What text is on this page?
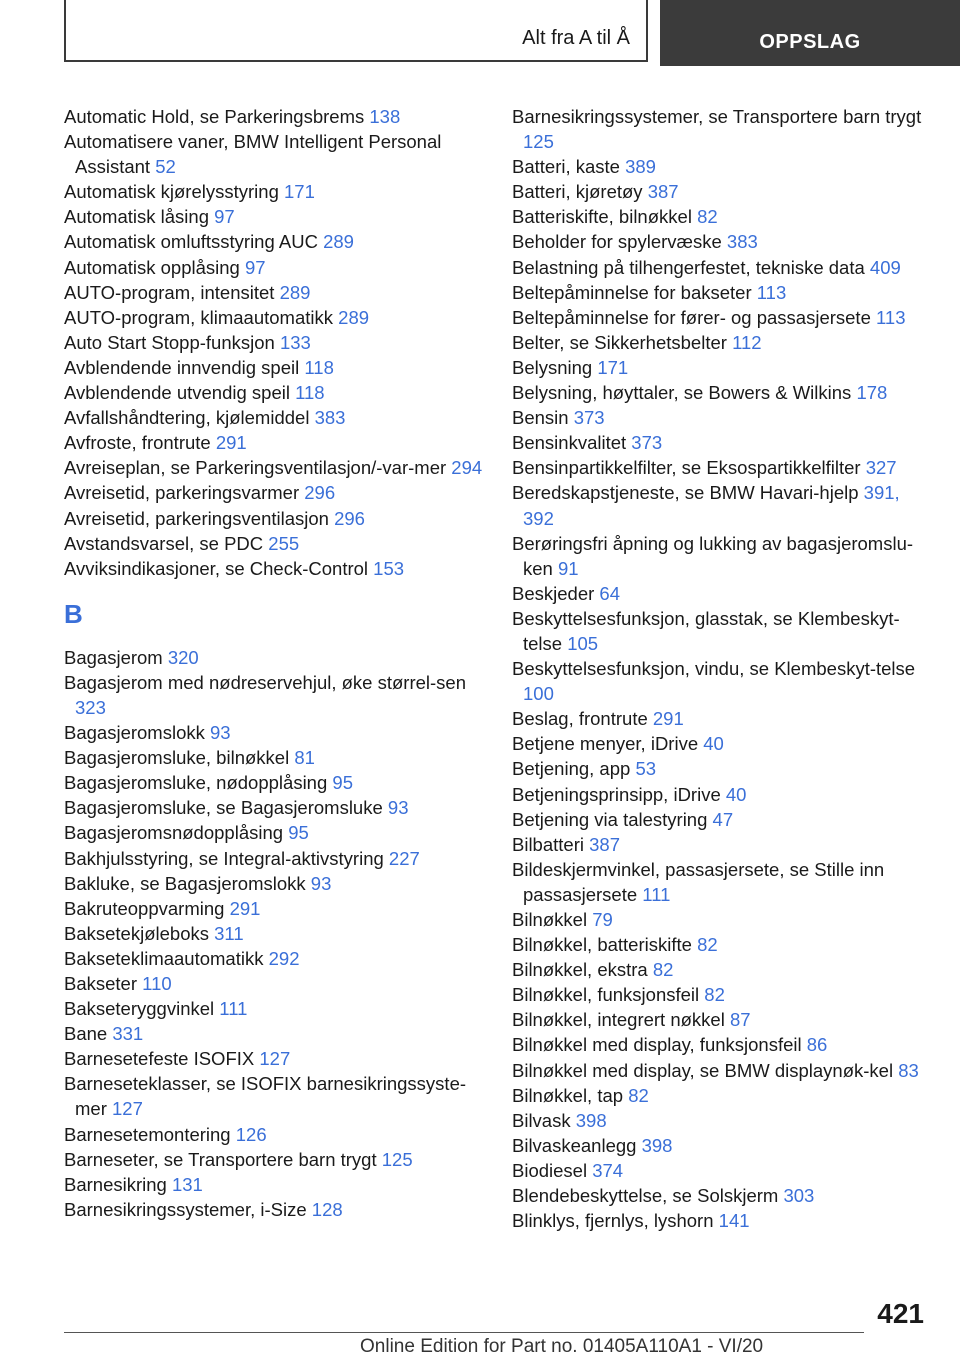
Alt fra A til Å	OPPSLAG
Automatic Hold, se Parkeringsbrems 138
Automatisere vaner, BMW Intelligent Personal Assistant 52
Automatisk kjørelysstyring 171
Automatisk låsing 97
Automatisk omluftsstyring AUC 289
Automatisk opplåsing 97
AUTO-program, intensitet 289
AUTO-program, klimaautomatikk 289
Auto Start Stopp-funksjon 133
Avblendende innvendig speil 118
Avblendende utvendig speil 118
Avfallshåndtering, kjølemiddel 383
Avfroste, frontrute 291
Avreiseplan, se Parkeringsventilasjon/-var-mer 294
Avreisetid, parkeringsvarmer 296
Avreisetid, parkeringsventilasjon 296
Avstandsvarsel, se PDC 255
Avviksindikasjoner, se Check-Control 153
B
Bagasjerom 320
Bagasjerom med nødreservehjul, øke størrel-sen 323
Bagasjeromslokk 93
Bagasjeromsluke, bilnøkkel 81
Bagasjeromsluke, nødopplåsing 95
Bagasjeromsluke, se Bagasjeromsluke 93
Bagasjeromsnødopplåsing 95
Bakhjulsstyring, se Integral-aktivstyring 227
Bakluke, se Bagasjeromslokk 93
Bakruteoppvarming 291
Baksetekjøleboks 311
Bakseteklimaautomatikk 292
Bakseter 110
Bakseteryggvinkel 111
Bane 331
Barnesetefeste ISOFIX 127
Barneseteklasser, se ISOFIX barnesikringssyste-mer 127
Barnesetemontering 126
Barneseter, se Transportere barn trygt 125
Barnesikring 131
Barnesikringssystemer, i-Size 128
Barnesikringssystemer, se Transportere barn trygt 125
Batteri, kaste 389
Batteri, kjøretøy 387
Batteriskifte, bilnøkkel 82
Beholder for spylervæske 383
Belastning på tilhengerfestet, tekniske data 409
Beltepåminnelse for bakseter 113
Beltepåminnelse for fører- og passasjersete 113
Belter, se Sikkerhetsbelter 112
Belysning 171
Belysning, høyttaler, se Bowers & Wilkins 178
Bensin 373
Bensinkvalitet 373
Bensinpartikkelfilter, se Eksospartikkelfilter 327
Beredskapstjeneste, se BMW Havari-hjelp 391, 392
Berøringsfri åpning og lukking av bagasjeromslu-ken 91
Beskjeder 64
Beskyttelsesfunksjon, glasstak, se Klembeskyt-telse 105
Beskyttelsesfunksjon, vindu, se Klembeskyt-telse 100
Beslag, frontrute 291
Betjene menyer, iDrive 40
Betjening, app 53
Betjeningsprinsipp, iDrive 40
Betjening via talestyring 47
Bilbatteri 387
Bildeskjermvinkel, passasjersete, se Stille inn passasjersete 111
Bilnøkkel 79
Bilnøkkel, batteriskifte 82
Bilnøkkel, ekstra 82
Bilnøkkel, funksjonsfeil 82
Bilnøkkel, integrert nøkkel 87
Bilnøkkel med display, funksjonsfeil 86
Bilnøkkel med display, se BMW displaynøk-kel 83
Bilnøkkel, tap 82
Bilvask 398
Bilvaskeanlegg 398
Biodiesel 374
Blendebeskyttelse, se Solskjerm 303
Blinklys, fjernlys, lyshorn 141
421
Online Edition for Part no. 01405A110A1 - VI/20
